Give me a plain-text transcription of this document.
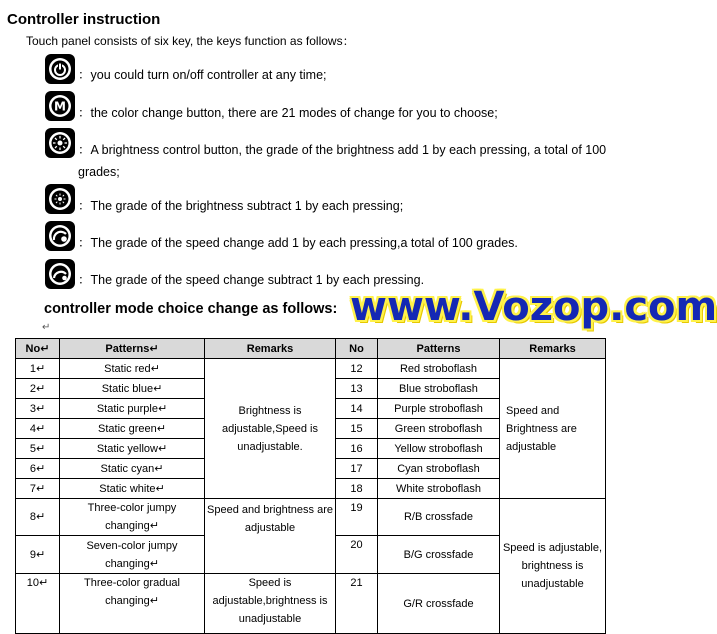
Controller instruction
Touch panel consists of six key, the keys function as follows：
：you could turn on/off controller at any time;
M ：the color change button, there are 21 modes of change for you to choose;
：A brightness control button, the grade of the brightness add 1 by each pressing, a total of 100 grades;
：The grade of the brightness subtract 1 by each pressing;
：The grade of the speed change add 1 by each pressing,a total of 100 grades.
：The grade of the speed change subtract 1 by each pressing.
controller mode choice change as follows: www.Vozop.com
↵
No↵	Patterns↵	Remarks	No	Patterns	Remarks
1↵	Static red↵	Brightness is adjustable,Speed is unadjustable.	12	Red stroboflash	Speed and Brightness are adjustable
2↵	Static blue↵		13	Blue stroboflash	
3↵	Static purple↵		14	Purple stroboflash	
4↵	Static green↵		15	Green stroboflash	
5↵	Static yellow↵		16	Yellow stroboflash	
6↵	Static cyan↵		17	Cyan stroboflash	
7↵	Static white↵		18	White stroboflash	
8↵	Three-color jumpy changing↵	Speed and brightness are adjustable	19	R/B crossfade	Speed is adjustable, brightness is unadjustable
9↵	Seven-color jumpy changing↵		20	B/G crossfade	
10↵	Three-color gradual changing↵	Speed is adjustable,brightness is unadjustable	21	G/R crossfade	
